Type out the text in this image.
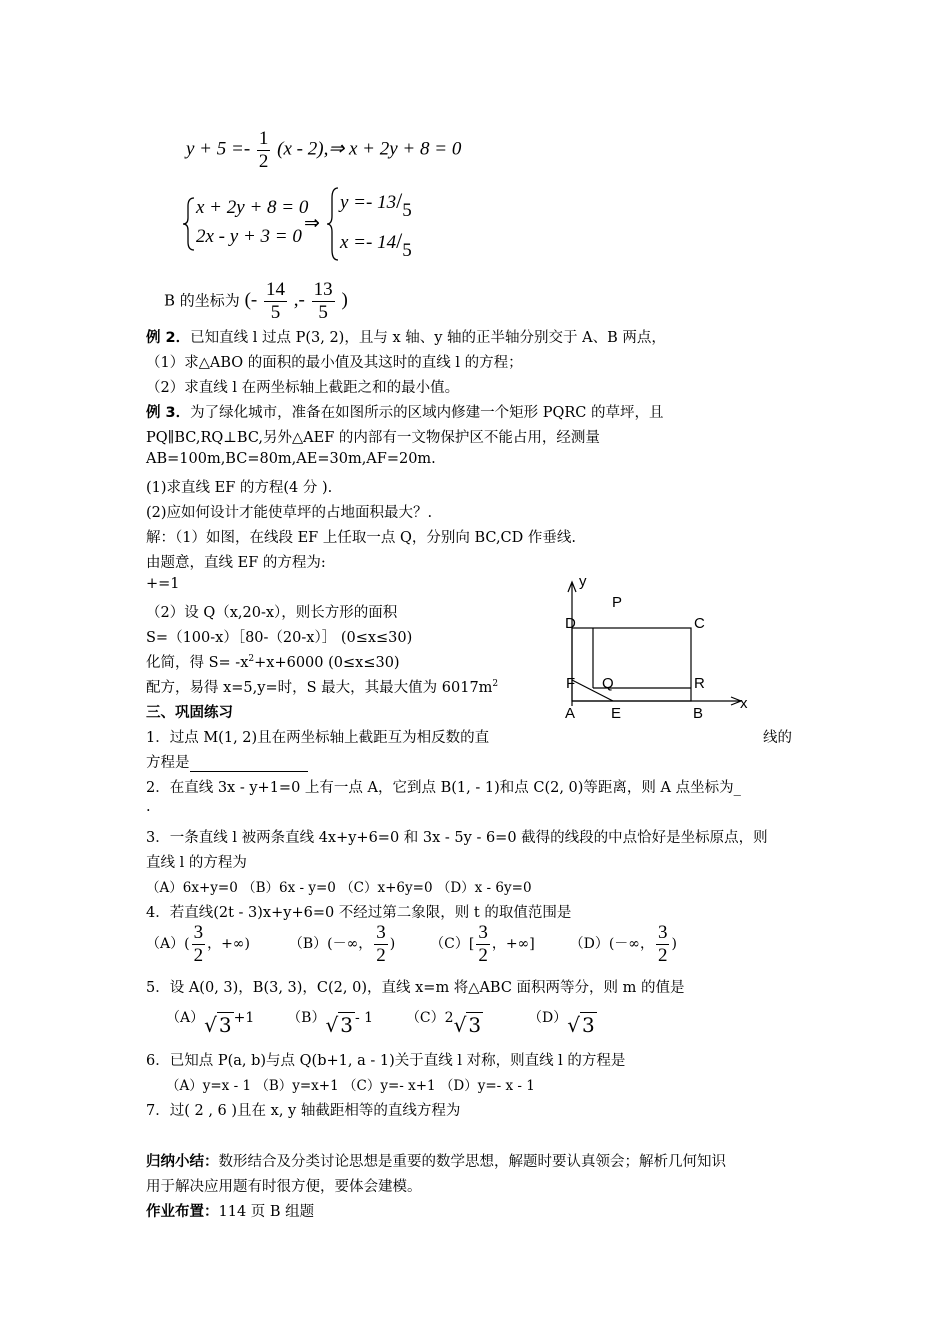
$y + 5 =- \frac{1}{2} (x$ - 2),⇒ x + 2y + 8 = 0
x + 2y + 8 = 0
2x - y + 3 = 0
⇒
y =- 13/5
x =- 14/5
B 的坐标为 (- $\frac{14}{5}$ ,- $\frac{13}{5}$ )
例 2．已知直线 l 过点 P(3, 2)，且与 x 轴、y 轴的正半轴分别交于 A、B 两点，
（1）求△ABO 的面积的最小值及其这时的直线 l 的方程；
（2）求直线 l 在两坐标轴上截距之和的最小值。
例 3．为了绿化城市，准备在如图所示的区域内修建一个矩形 PQRC 的草坪，且
PQ∥BC,RQ⊥BC,另外△AEF 的内部有一文物保护区不能占用，经测量
AB=100m,BC=80m,AE=30m,AF=20m.
(1)求直线 EF 的方程(4 分 ).
(2)应如何设计才能使草坪的占地面积最大？.
解：（1）如图，在线段 EF 上任取一点 Q，分别向 BC,CD 作垂线.
由题意，直线 EF 的方程为:
+=1
（2）设 Q（x,20-x），则长方形的面积
S=（100-x）［80-（20-x）］ (0≤x≤30)
化简，得 $S= -x^2+x+6000$ (0≤x≤30)
配方，易得 x=5,y=时，S 最大，其最大值为 $6017m^2$
y
P
D	C
F Q	R
A E	B
x
三、巩固练习
1．过点 M(1, 2)且在两坐标轴上截距互为相反数的直	线的
方程是
2．在直线 3x - y+1=0 上有一点 A，它到点 B(1, - 1)和点 C(2, 0)等距离，则 A 点坐标为_
.
3．一条直线 l 被两条直线 4x+y+6=0 和 3x - 5y - 6=0 截得的线段的中点恰好是坐标原点，则
直线 l 的方程为
（A）6x+y=0 （B）6x - y=0 （C）x+6y=0 （D）x - 6y=0
4．若直线(2t - 3)x+y+6=0 不经过第二象限，则 t 的取值范围是
$(A)( \frac{3}{2}$ ，+∞)	（B）(－∞， $\frac{3}{2}$ ) $(C)[ \frac{3}{2}$ ，+∞] （D）(－∞， $\frac{3}{2}$ )
5．设 A(0, 3)，B(3, 3)，C(2, 0)，直线 x=m 将△ABC 面积两等分，则 m 的值是
（A）√ 3 +1 （B）√ 3 - 1 （C）2√ 3	（D）√ 3
6．已知点 P(a, b)与点 Q(b+1, a - 1)关于直线 l 对称，则直线 l 的方程是
（A）y=x - 1 （B）y=x+1 （C）y=- x+1 （D）y=- x - 1
7．过( 2 , 6 )且在 x, y 轴截距相等的直线方程为
归纳小结：数形结合及分类讨论思想是重要的数学思想，解题时要认真领会；解析几何知识
用于解决应用题有时很方便，要体会建模。
作业布置：114 页 B 组题
